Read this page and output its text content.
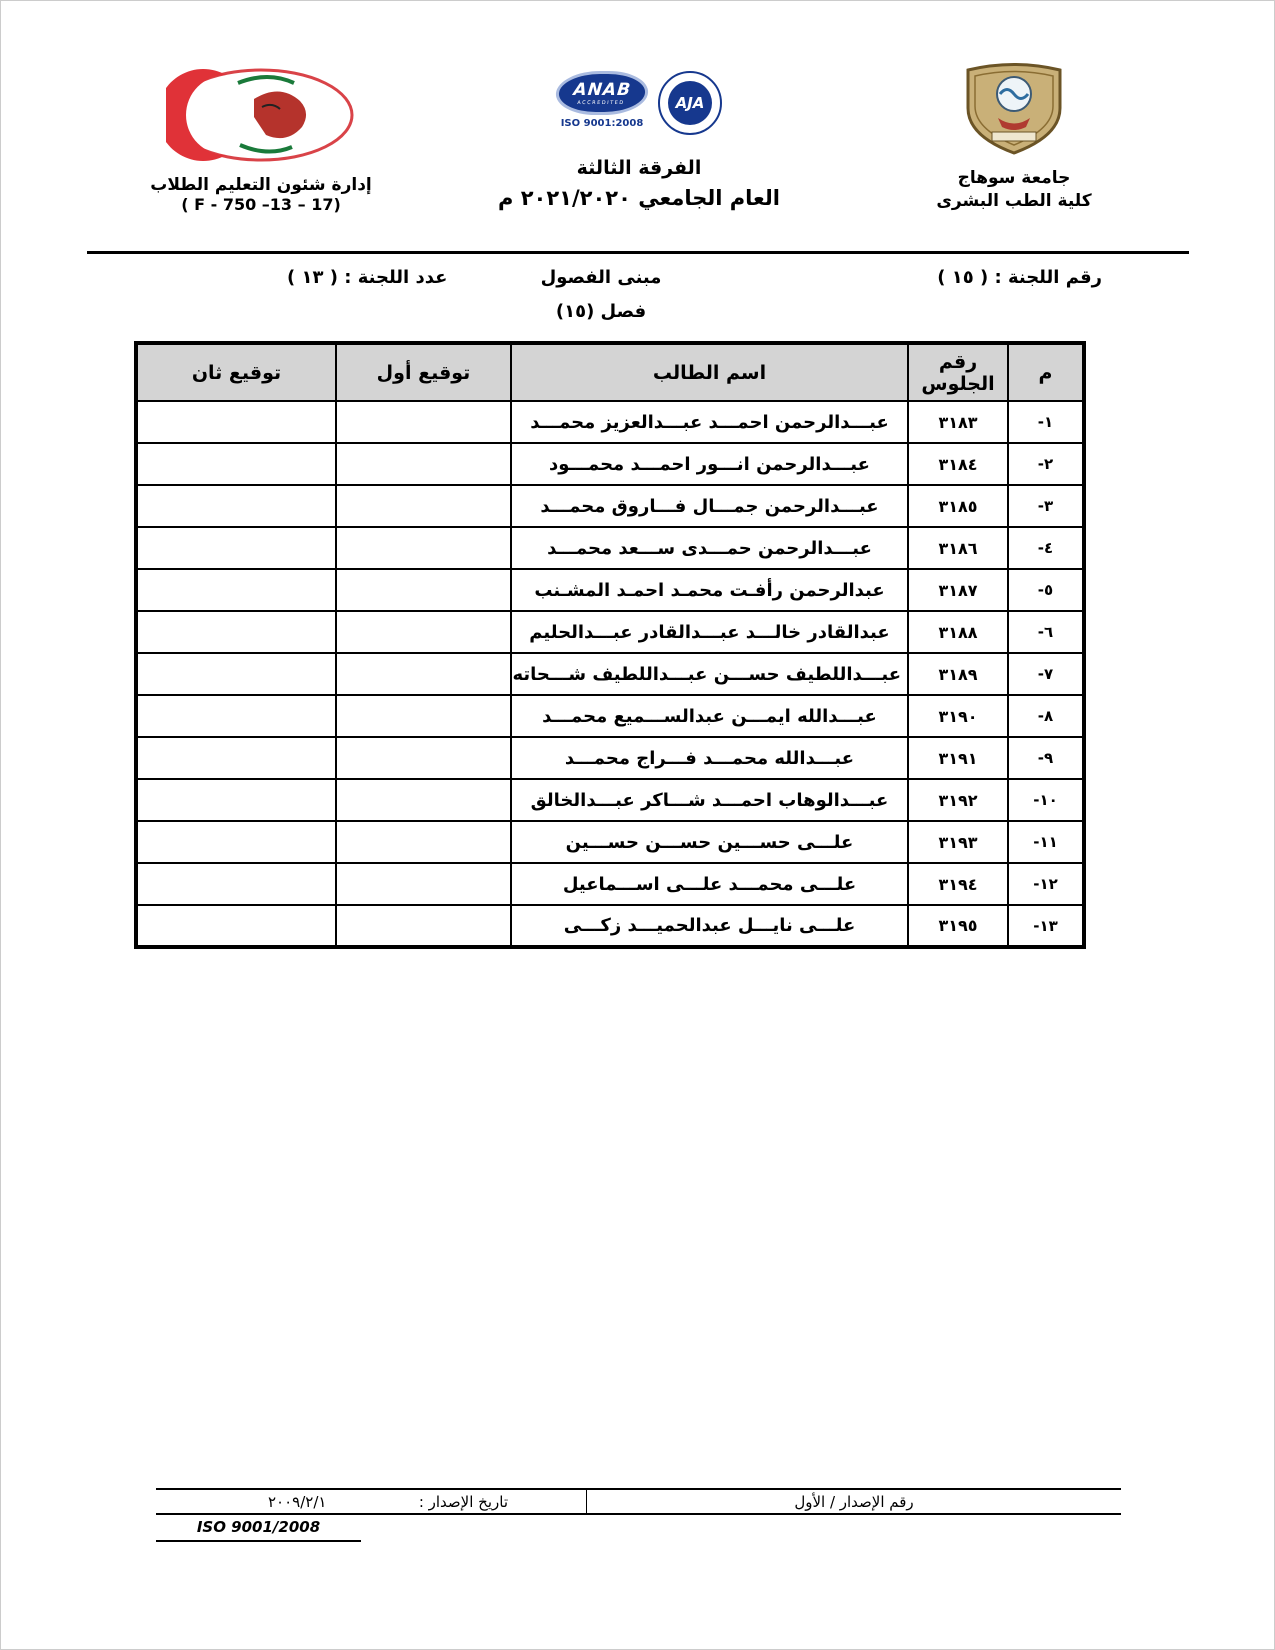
إدارة شئون التعليم الطلاب
( F - 750 –13 – 17)
ANAB
ACCREDITED
ISO 9001:2008
AJA
الفرقة الثالثة
العام الجامعي ٢٠٢١/٢٠٢٠ م
جامعة سوهاج
كلية الطب البشرى
رقم اللجنة : ( ١٥ )
مبنى الفصول
عدد اللجنة : ( ١٣ )
فصل (١٥)
م	رقم الجلوس	اسم الطالب	توقيع أول	توقيع ثان
١-	٣١٨٣	عبـــدالرحمن احمـــد عبـــدالعزيز محمـــد		
٢-	٣١٨٤	عبـــدالرحمن انـــور احمـــد محمـــود		
٣-	٣١٨٥	عبـــدالرحمن جمـــال فـــاروق محمـــد		
٤-	٣١٨٦	عبـــدالرحمن حمـــدى ســـعد محمـــد		
٥-	٣١٨٧	عبدالرحمن رأفـت محمـد احمـد المشـنب		
٦-	٣١٨٨	عبدالقادر خالـــد عبـــدالقادر عبـــدالحليم		
٧-	٣١٨٩	عبـــداللطيف حســـن عبـــداللطيف شـــحاته		
٨-	٣١٩٠	عبـــدالله ايمـــن عبدالســـميع محمـــد		
٩-	٣١٩١	عبـــدالله محمـــد فـــراج محمـــد		
١٠-	٣١٩٢	عبـــدالوهاب احمـــد شـــاكر عبـــدالخالق		
١١-	٣١٩٣	علـــى حســـين حســـن حســـين		
١٢-	٣١٩٤	علـــى محمـــد علـــى اســـماعيل		
١٣-	٣١٩٥	علـــى نايـــل عبدالحميـــد زكـــى		
رقم الإصدار / الأول
تاريخ الإصدار :
٢٠٠٩/٢/١
ISO 9001/2008
